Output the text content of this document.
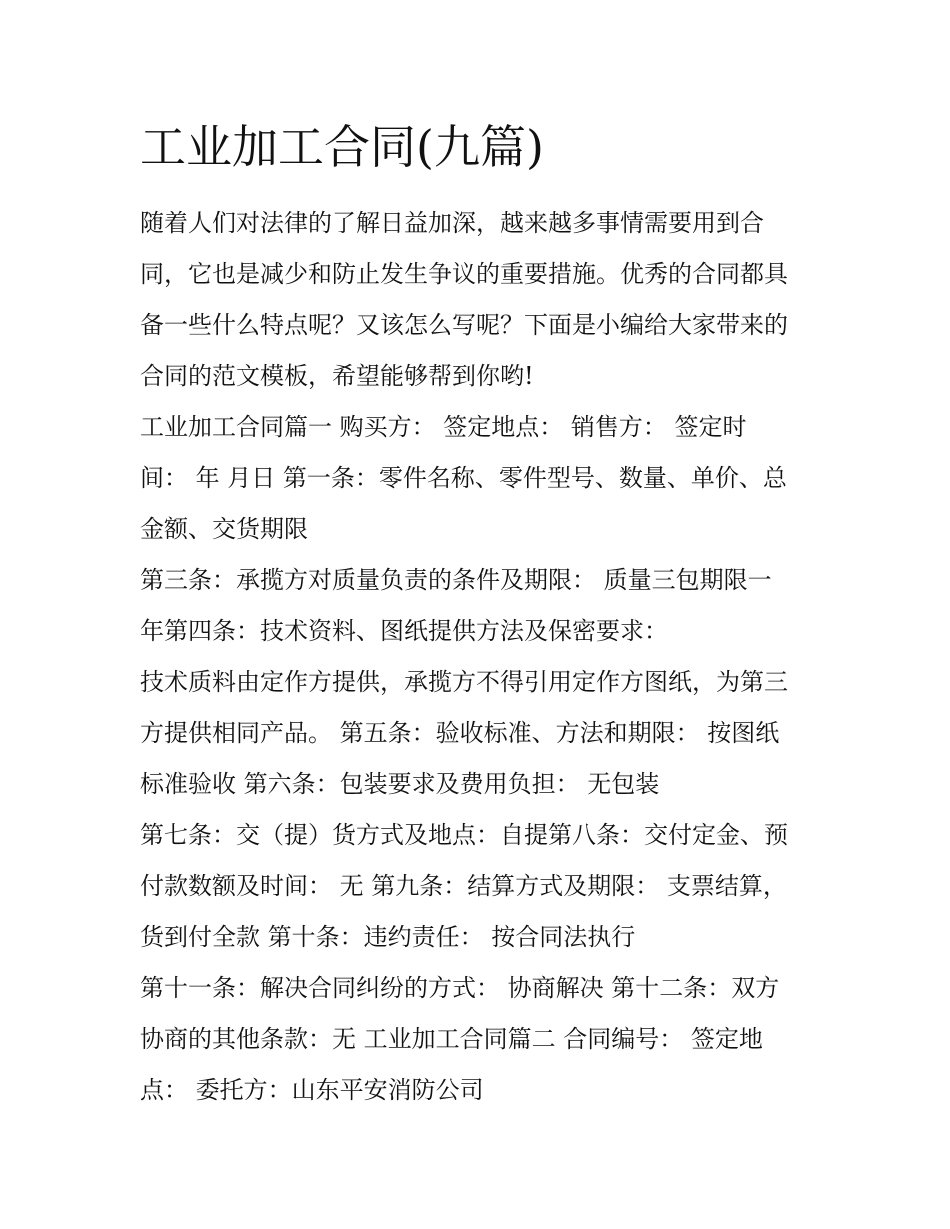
工业加工合同(九篇)
随着人们对法律的了解日益加深，越来越多事情需要用到合
同，它也是减少和防止发生争议的重要措施。优秀的合同都具
备一些什么特点呢？又该怎么写呢？下面是小编给大家带来的
合同的范文模板，希望能够帮到你哟!
工业加工合同篇一 购买方： 签定地点： 销售方： 签定时
间： 年 月日 第一条：零件名称、零件型号、数量、单价、总
金额、交货期限
第三条：承揽方对质量负责的条件及期限： 质量三包期限一
年第四条：技术资料、图纸提供方法及保密要求：
技术质料由定作方提供，承揽方不得引用定作方图纸，为第三
方提供相同产品。 第五条：验收标准、方法和期限： 按图纸
标准验收 第六条：包装要求及费用负担： 无包装
第七条：交（提）货方式及地点：自提第八条：交付定金、预
付款数额及时间： 无 第九条：结算方式及期限： 支票结算，
货到付全款 第十条：违约责任： 按合同法执行
第十一条：解决合同纠纷的方式： 协商解决 第十二条：双方
协商的其他条款：无 工业加工合同篇二 合同编号： 签定地
点： 委托方：山东平安消防公司
